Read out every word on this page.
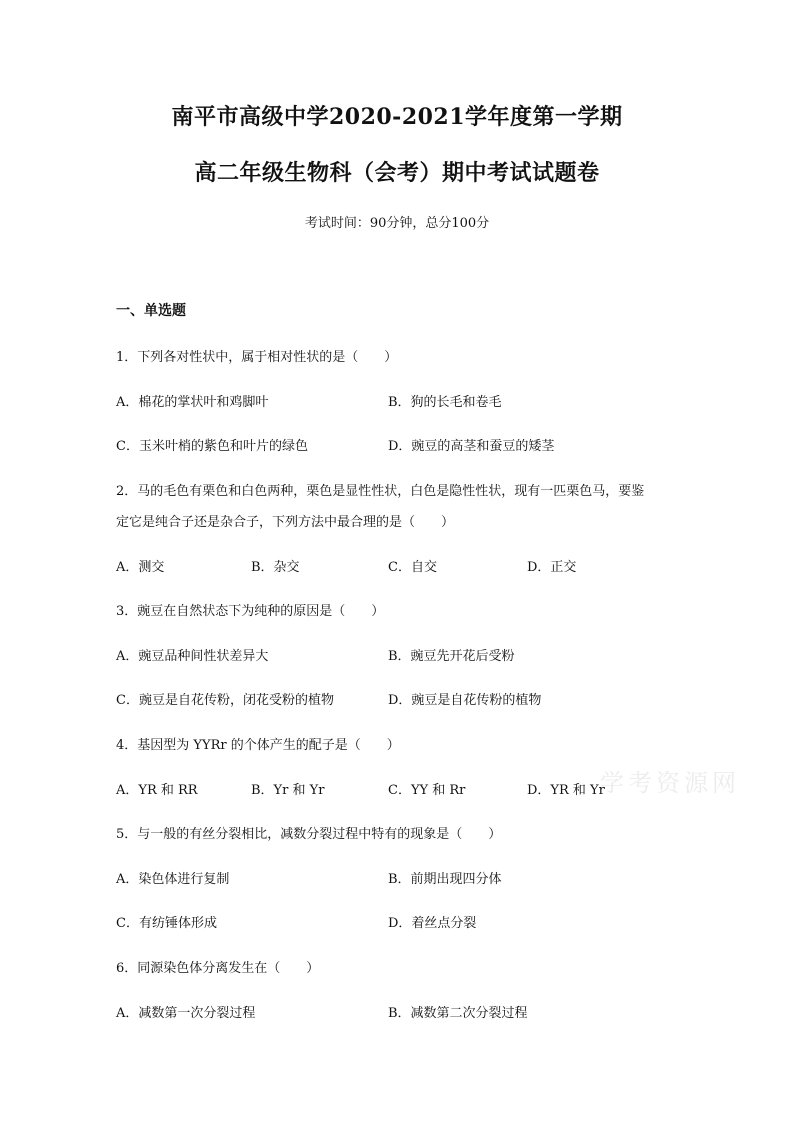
南平市高级中学2020-2021学年度第一学期
高二年级生物科（会考）期中考试试题卷
考试时间：90分钟，总分100分
一、单选题
1．下列各对性状中，属于相对性状的是（　　）
A．棉花的掌状叶和鸡脚叶	B．狗的长毛和卷毛
C．玉米叶梢的紫色和叶片的绿色	D．豌豆的高茎和蚕豆的矮茎
2．马的毛色有栗色和白色两种，栗色是显性性状，白色是隐性性状，现有一匹栗色马，要鉴
定它是纯合子还是杂合子，下列方法中最合理的是（　　）
A．测交	B．杂交	C．自交	D．正交
3．豌豆在自然状态下为纯种的原因是（　　）
A．豌豆品种间性状差异大	B．豌豆先开花后受粉
C．豌豆是自花传粉，闭花受粉的植物	D．豌豆是自花传粉的植物
4．基因型为 YYRr 的个体产生的配子是（　　）
A．YR 和 RR	B．Yr 和 Yr	C．YY 和 Rr	D．YR 和 Yr
5．与一般的有丝分裂相比，减数分裂过程中特有的现象是（　　）
A．染色体进行复制	B．前期出现四分体
C．有纺锤体形成	D．着丝点分裂
6．同源染色体分离发生在（　　）
A．减数第一次分裂过程	B．减数第二次分裂过程
学考资源网
